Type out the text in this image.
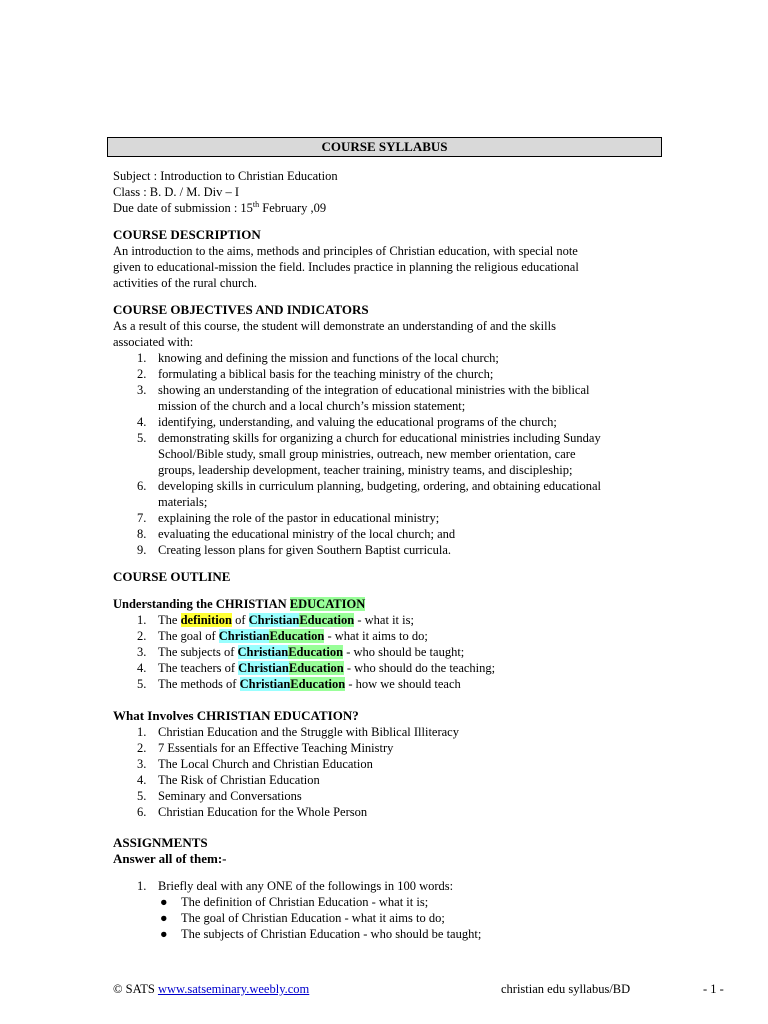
COURSE SYLLABUS
Subject : Introduction to Christian Education
Class : B. D. / M. Div – I
Due date of submission : 15th February ,09
COURSE DESCRIPTION
An introduction to the aims, methods and principles of Christian education, with special note
given to educational-mission the field. Includes practice in planning the religious educational
activities of the rural church.
COURSE OBJECTIVES AND INDICATORS
As a result of this course, the student will demonstrate an understanding of and the skills
associated with:
1. knowing and defining the mission and functions of the local church;
2. formulating a biblical basis for the teaching ministry of the church;
3. showing an understanding of the integration of educational ministries with the biblical
mission of the church and a local church’s mission statement;
4. identifying, understanding, and valuing the educational programs of the church;
5. demonstrating skills for organizing a church for educational ministries including Sunday
School/Bible study, small group ministries, outreach, new member orientation, care
groups, leadership development, teacher training, ministry teams, and discipleship;
6. developing skills in curriculum planning, budgeting, ordering, and obtaining educational
materials;
7. explaining the role of the pastor in educational ministry;
8. evaluating the educational ministry of the local church; and
9. Creating lesson plans for given Southern Baptist curricula.
COURSE OUTLINE
Understanding the CHRISTIAN EDUCATION
1. The definition of ChristianEducation - what it is;
2. The goal of ChristianEducation - what it aims to do;
3. The subjects of ChristianEducation - who should be taught;
4. The teachers of ChristianEducation - who should do the teaching;
5. The methods of ChristianEducation - how we should teach
What Involves CHRISTIAN EDUCATION?
1. Christian Education and the Struggle with Biblical Illiteracy
2. 7 Essentials for an Effective Teaching Ministry
3. The Local Church and Christian Education
4. The Risk of Christian Education
5. Seminary and Conversations
6. Christian Education for the Whole Person
ASSIGNMENTS
Answer all of them:-
1. Briefly deal with any ONE of the followings in 100 words:
● The definition of Christian Education - what it is;
● The goal of Christian Education - what it aims to do;
● The subjects of Christian Education - who should be taught;
© SATS www.satseminary.weebly.com	christian edu syllabus/BD	- 1 -
